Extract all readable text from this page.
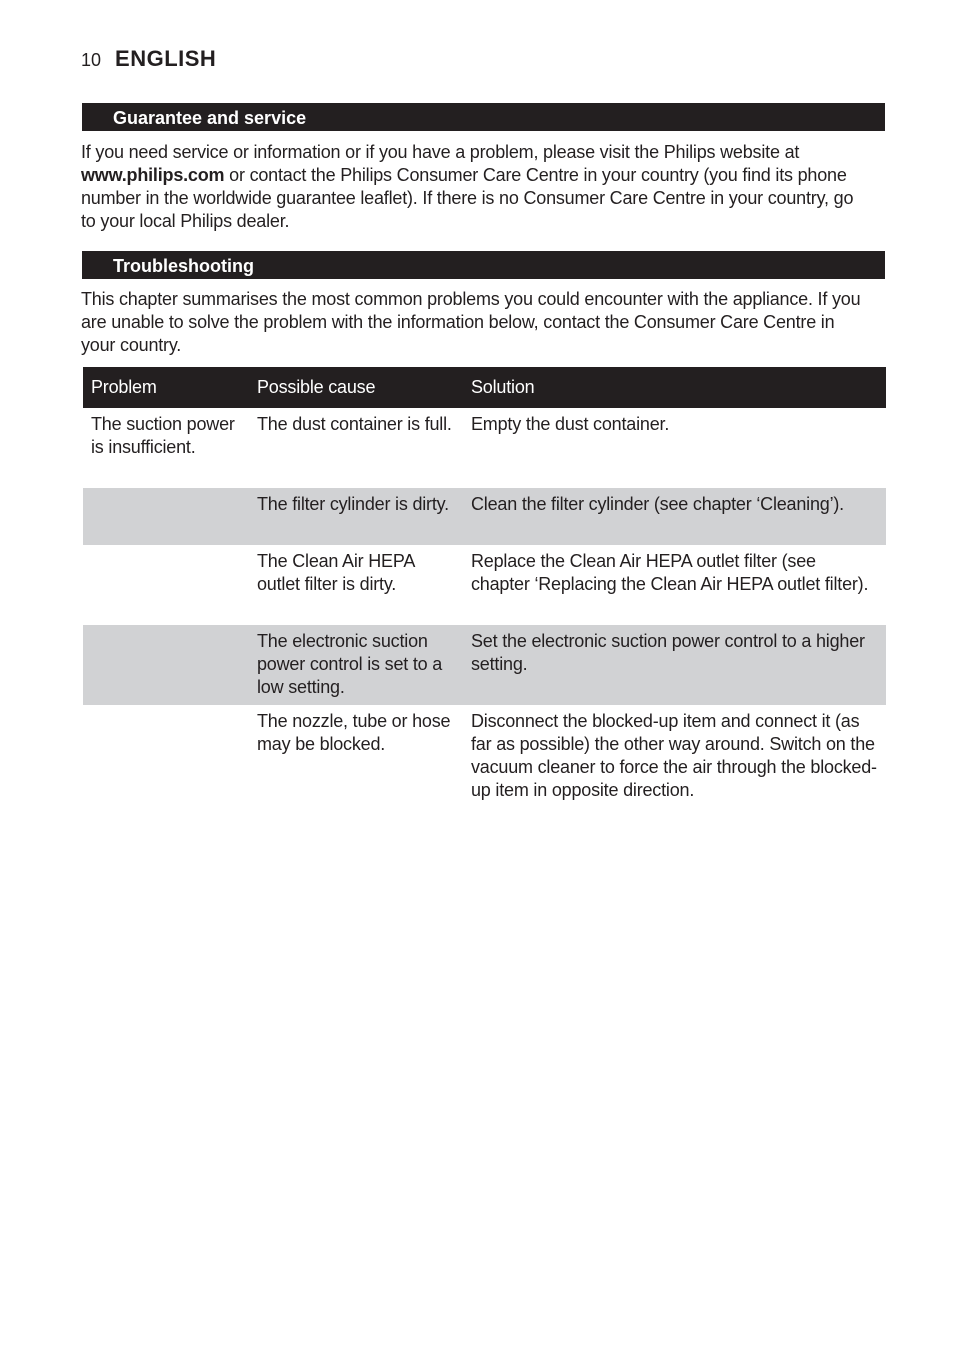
10 ENGLISH
Guarantee and service

If you need service or information or if you have a problem, please visit the Philips website at www.philips.com or contact the Philips Consumer Care Centre in your country (you find its phone number in the worldwide guarantee leaflet). If there is no Consumer Care Centre in your country, go to your local Philips dealer.

Troubleshooting

This chapter summarises the most common problems you could encounter with the appliance. If you are unable to solve the problem with the information below, contact the Consumer Care Centre in your country.

Problem	Possible cause	Solution
The suction power is insufficient.	The dust container is full.	Empty the dust container.
	The filter cylinder is dirty.	Clean the filter cylinder (see chapter ‘Cleaning’).
	The Clean Air HEPA outlet filter is dirty.	Replace the Clean Air HEPA outlet filter (see chapter ‘Replacing the Clean Air HEPA outlet filter).
	The electronic suction power control is set to a low setting.	Set the electronic suction power control to a higher setting.
	The nozzle, tube or hose may be blocked.	Disconnect the blocked-up item and connect it (as far as possible) the other way around. Switch on the vacuum cleaner to force the air through the blocked-up item in opposite direction.
